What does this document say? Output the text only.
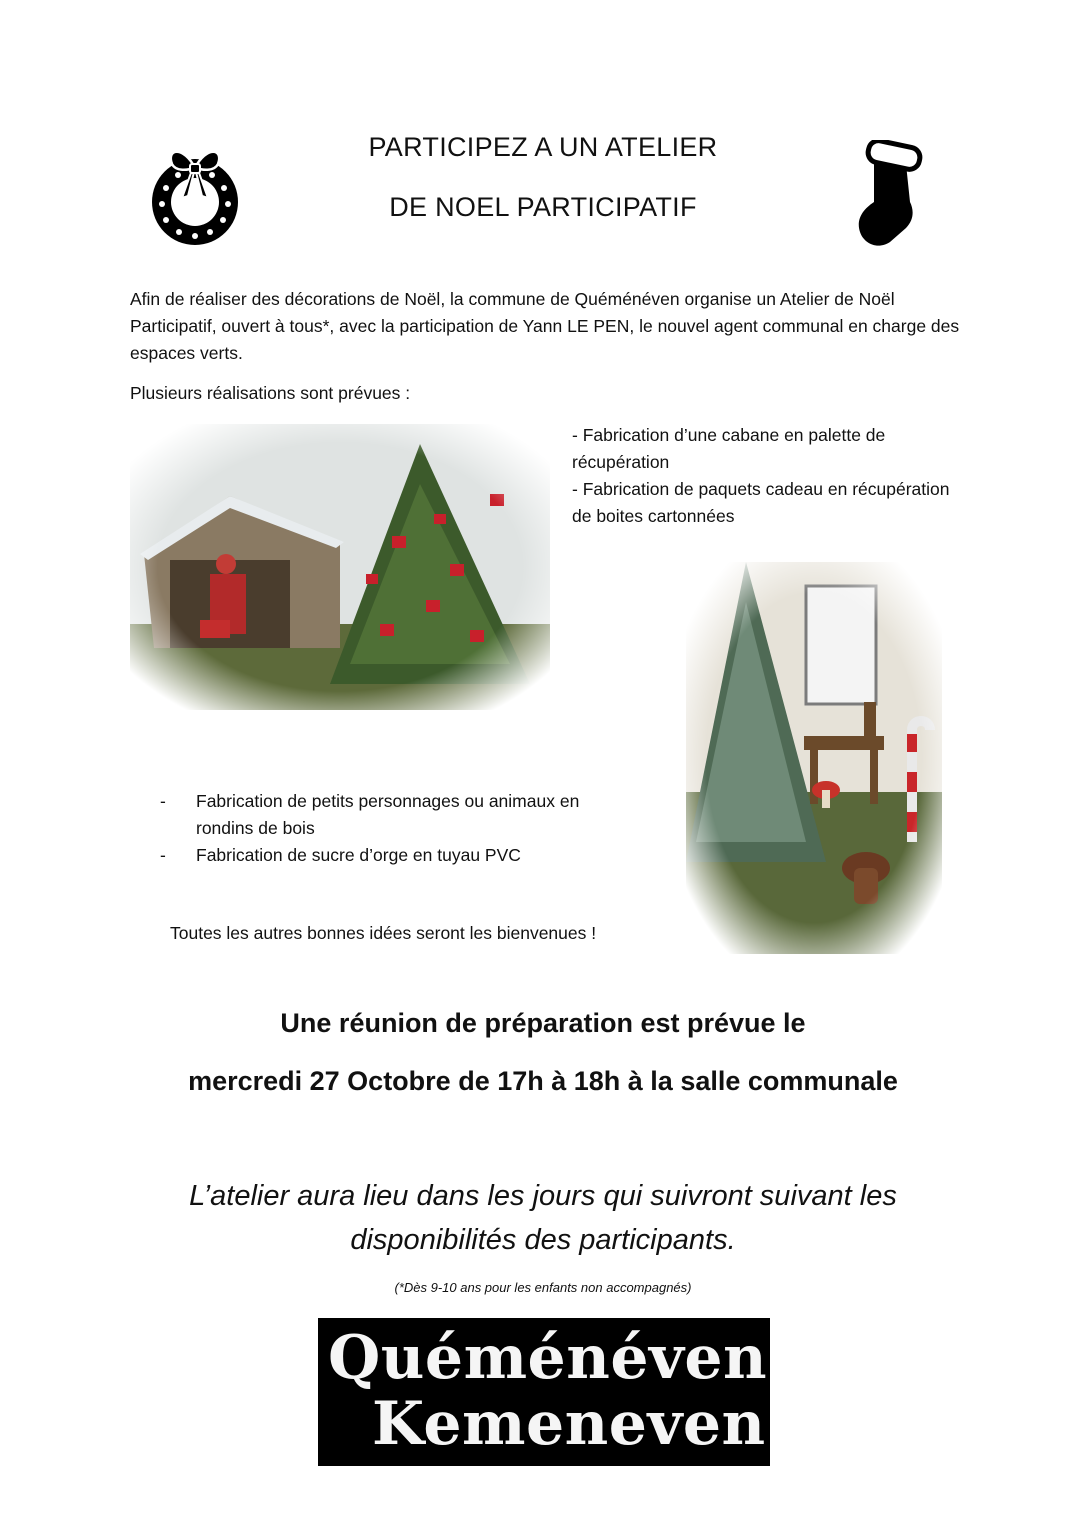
PARTICIPEZ A UN ATELIER
DE NOEL PARTICIPATIF
Afin de réaliser des décorations de Noël, la commune de Quéménéven organise un Atelier de Noël Participatif, ouvert à tous*, avec la participation de Yann LE PEN, le nouvel agent communal en charge des espaces verts.
Plusieurs réalisations sont prévues :
- Fabrication d’une cabane en palette de récupération
- Fabrication de paquets cadeau en récupération de boites cartonnées
-	Fabrication de petits personnages ou animaux en rondins de bois
-	Fabrication de sucre d’orge en tuyau PVC
Toutes les autres bonnes idées seront les bienvenues !
Une réunion de préparation est prévue le
mercredi 27 Octobre de 17h à 18h à la salle communale
L’atelier aura lieu dans les jours qui suivront suivant les
disponibilités des participants.
(*Dès 9-10 ans pour les enfants non accompagnés)
Quéménéven
Kemeneven
